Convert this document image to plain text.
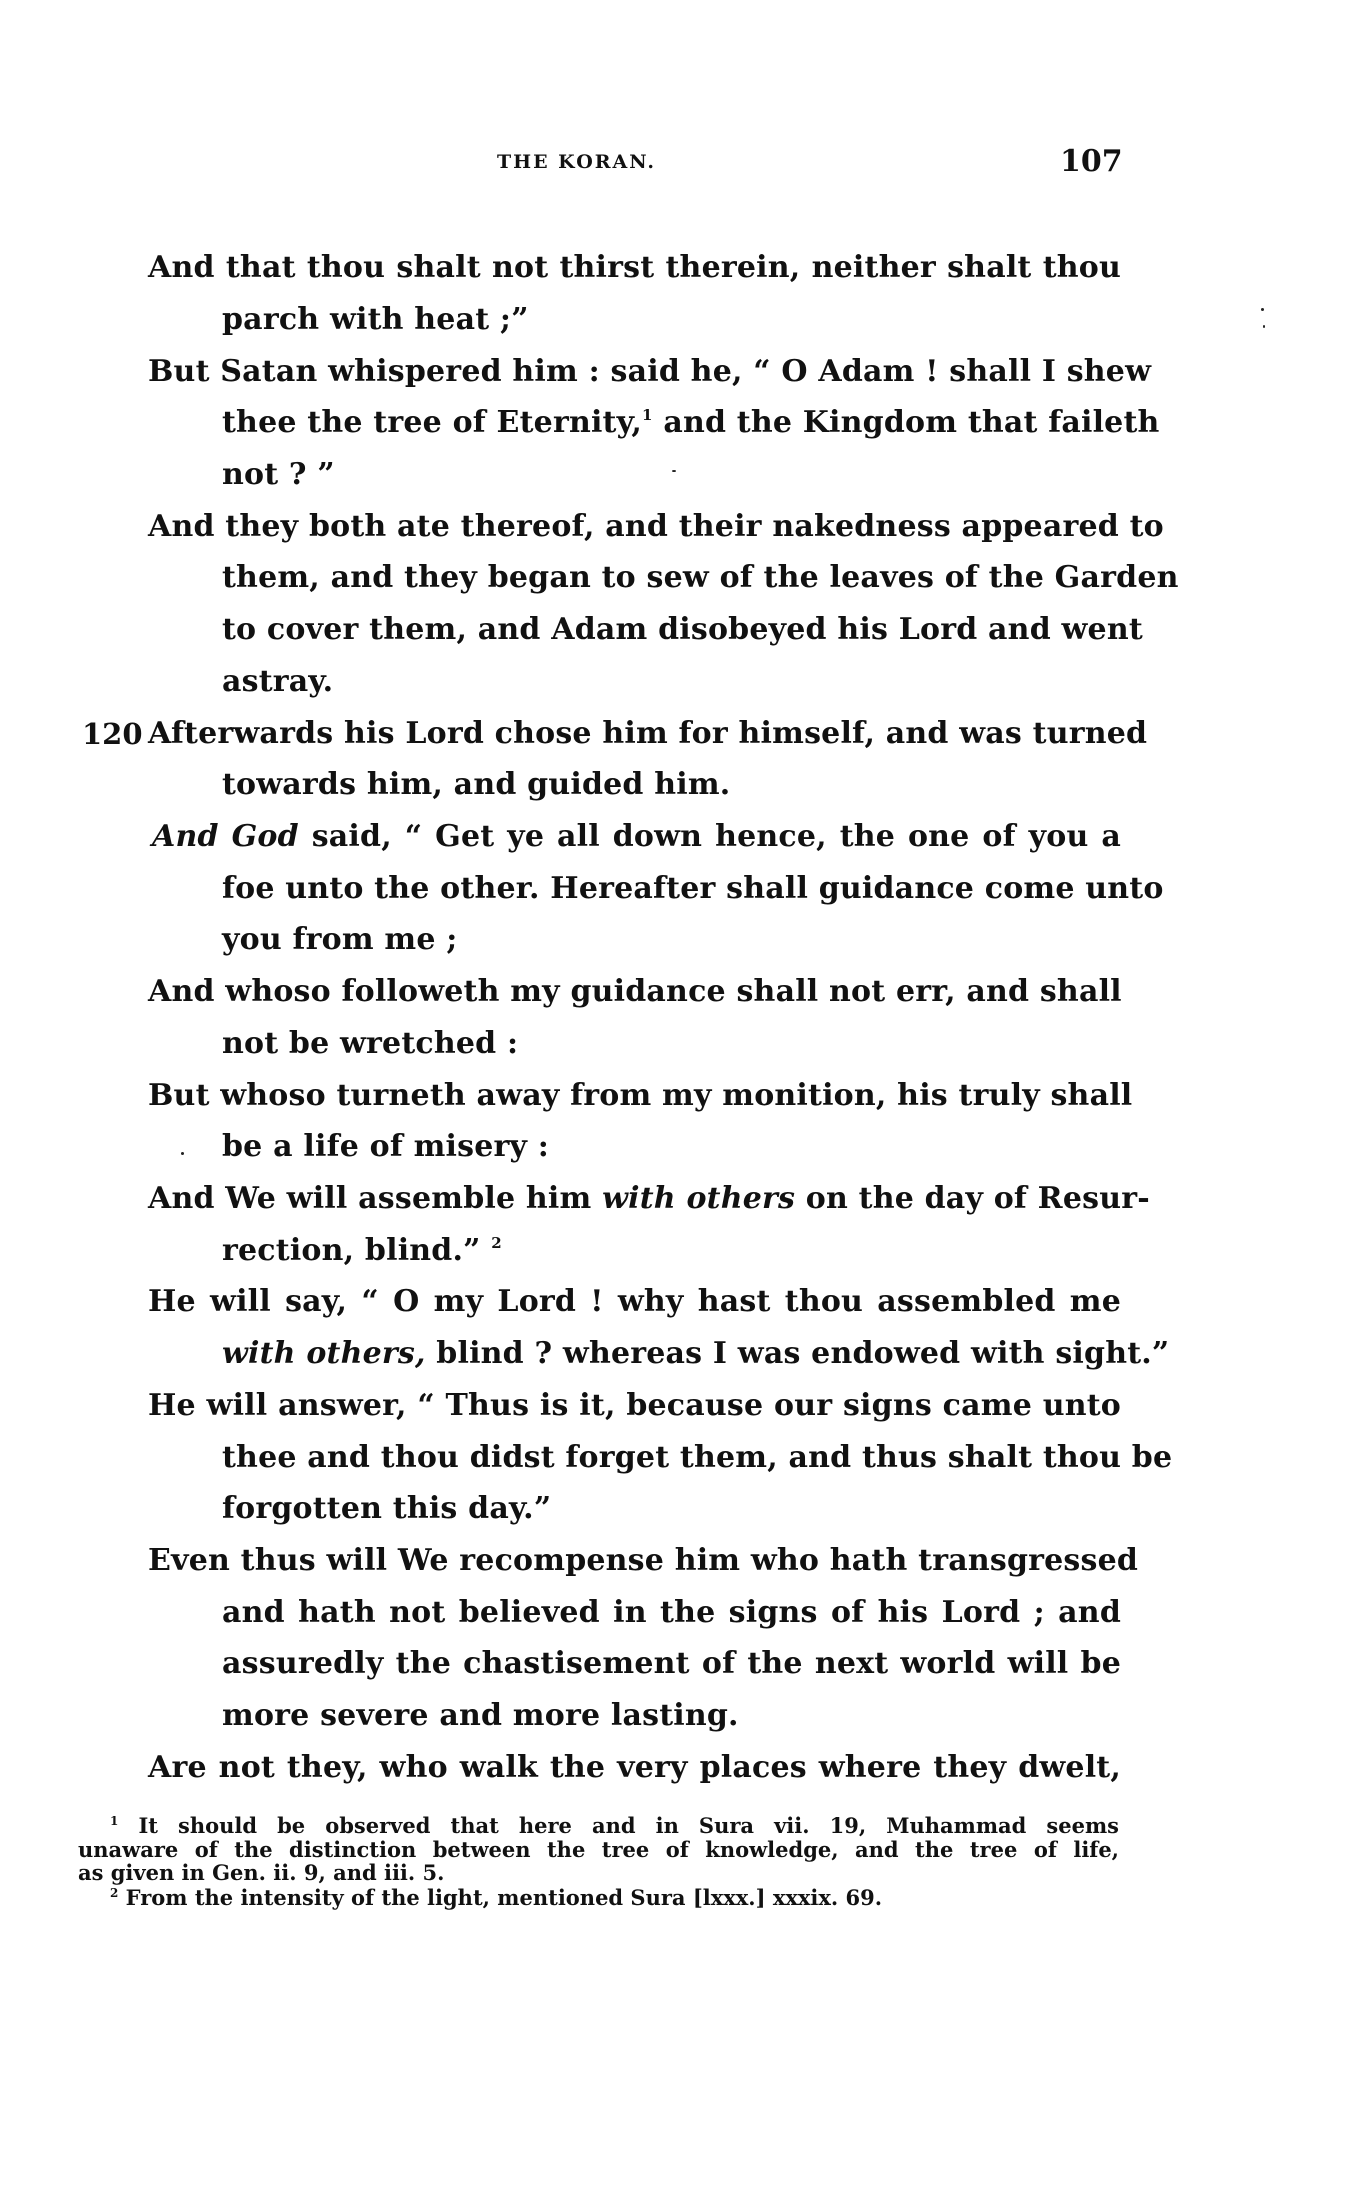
THE KORAN.	107
And that thou shalt not thirst therein, neither shalt thou
parch with heat ;”
But Satan whispered him : said he, “ O Adam ! shall I shew
thee the tree of Eternity,$^1$ and the Kingdom that faileth
not ? ”
And they both ate thereof, and their nakedness appeared to
them, and they began to sew of the leaves of the Garden
to cover them, and Adam disobeyed his Lord and went
astray.
120 Afterwards his Lord chose him for himself, and was turned
towards him, and guided him.
And God said, “ Get ye all down hence, the one of you a
foe unto the other. Hereafter shall guidance come unto
you from me ;
And whoso followeth my guidance shall not err, and shall
not be wretched :
But whoso turneth away from my monition, his truly shall
be a life of misery :
And We will assemble him with others on the day of Resur-
rection, blind.” $^2$
He will say, “ O my Lord ! why hast thou assembled me
with others, blind ? whereas I was endowed with sight.”
He will answer, “ Thus is it, because our signs came unto
thee and thou didst forget them, and thus shalt thou be
forgotten this day.”
Even thus will We recompense him who hath transgressed
and hath not believed in the signs of his Lord ; and
assuredly the chastisement of the next world will be
more severe and more lasting.
Are not they, who walk the very places where they dwelt,
$^1$ It should be observed that here and in Sura vii. 19, Muhammad seems
unaware of the distinction between the tree of knowledge, and the tree of life,
as given in Gen. ii. 9, and iii. 5.
$^2$ From the intensity of the light, mentioned Sura [lxxx.] xxxix. 69.
